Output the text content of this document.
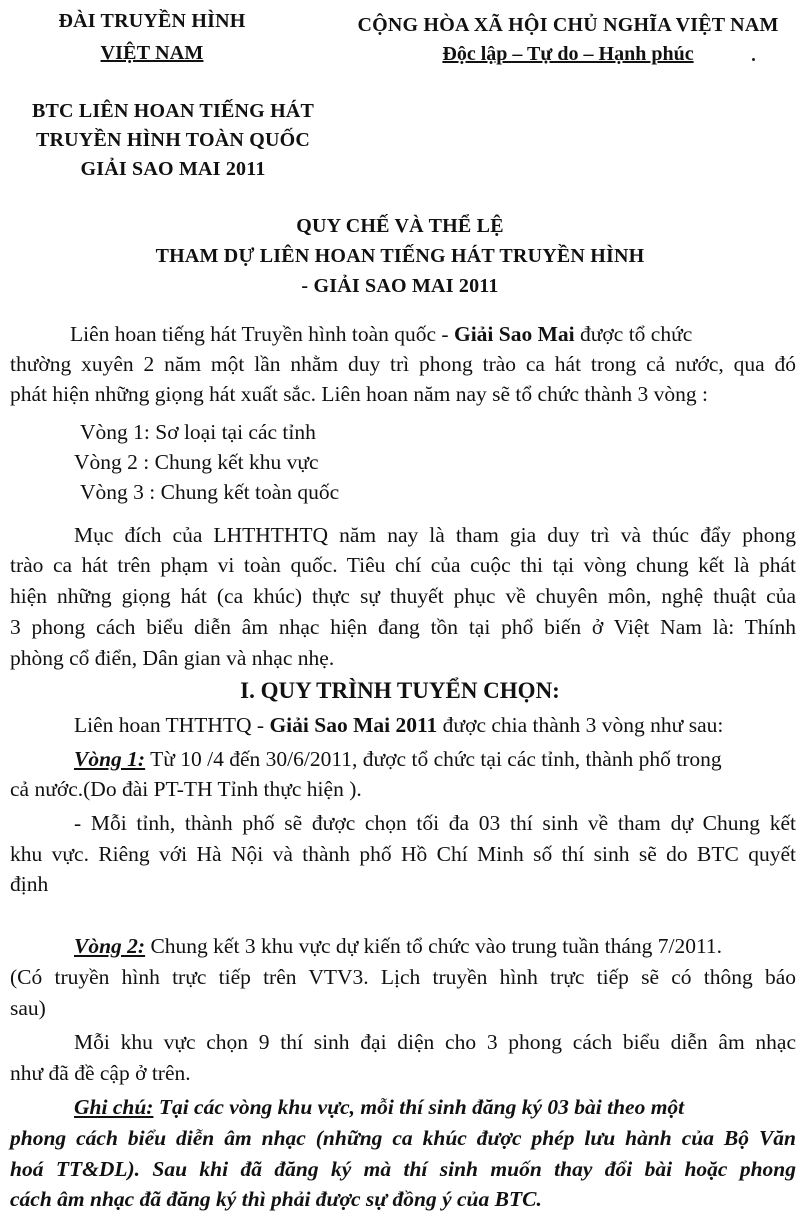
ĐÀI TRUYỀN HÌNH
VIỆT NAM
CỘNG HÒA XÃ HỘI CHỦ NGHĨA VIỆT NAM
Độc lập – Tự do – Hạnh phúc
BTC LIÊN HOAN TIẾNG HÁT
TRUYỀN HÌNH TOÀN QUỐC
GIẢI SAO MAI 2011
QUY CHẾ VÀ THỂ LỆ
THAM DỰ LIÊN HOAN TIẾNG HÁT TRUYỀN HÌNH
- GIẢI SAO MAI 2011
Liên hoan tiếng hát Truyền hình toàn quốc - Giải Sao Mai được tổ chức
thường xuyên 2 năm một lần nhằm duy trì phong trào ca hát trong cả nước, qua đó
phát hiện những giọng hát xuất sắc. Liên hoan năm nay sẽ tổ chức thành 3 vòng :
Vòng 1: Sơ loại tại các tỉnh
Vòng 2 : Chung kết khu vực
Vòng 3 : Chung kết toàn quốc
Mục đích của LHTHTHTQ năm nay là tham gia duy trì và thúc đẩy phong
trào ca hát trên phạm vi toàn quốc. Tiêu chí của cuộc thi tại vòng chung kết là phát
hiện những giọng hát (ca khúc) thực sự thuyết phục về chuyên môn, nghệ thuật của
3 phong cách biểu diễn âm nhạc hiện đang tồn tại phổ biến ở Việt Nam là: Thính
phòng cổ điển, Dân gian và nhạc nhẹ.
I. QUY TRÌNH TUYỂN CHỌN:
Liên hoan THTHTQ - Giải Sao Mai 2011 được chia thành 3 vòng như sau:
Vòng 1: Từ 10 /4 đến 30/6/2011, được tổ chức tại các tỉnh, thành phố trong
cả nước.(Do đài PT-TH Tỉnh thực hiện ).
- Mỗi tỉnh, thành phố sẽ được chọn tối đa 03 thí sinh về tham dự Chung kết
khu vực. Riêng với Hà Nội và thành phố Hồ Chí Minh số thí sinh sẽ do BTC quyết
định
Vòng 2: Chung kết 3 khu vực dự kiến tổ chức vào trung tuần tháng 7/2011.
(Có truyền hình trực tiếp trên VTV3. Lịch truyền hình trực tiếp sẽ có thông báo
sau)
Mỗi khu vực chọn 9 thí sinh đại diện cho 3 phong cách biểu diễn âm nhạc
như đã đề cập ở trên.
Ghi chú: Tại các vòng khu vực, mỗi thí sinh đăng ký 03 bài theo một
phong cách biểu diễn âm nhạc (những ca khúc được phép lưu hành của Bộ Văn
hoá TT&DL). Sau khi đã đăng ký mà thí sinh muốn thay đổi bài hoặc phong
cách âm nhạc đã đăng ký thì phải được sự đồng ý của BTC.
